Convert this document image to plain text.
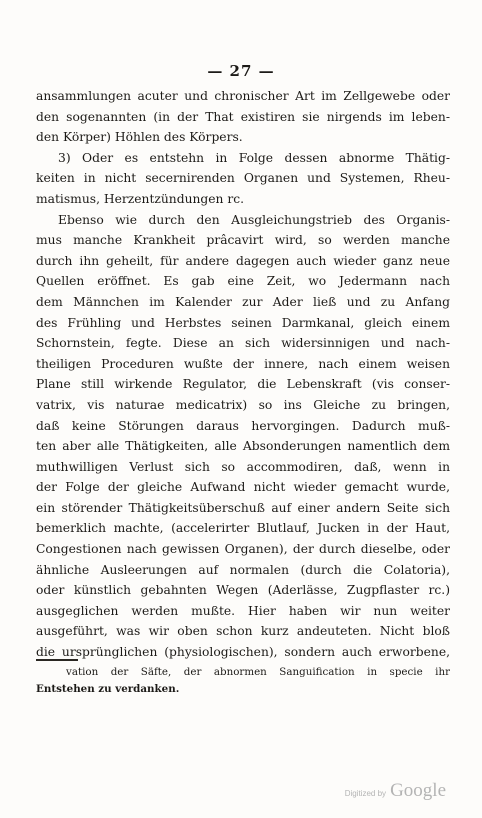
— 27 —
ansammlungen acuter und chronischer Art im Zellgewebe oder
den sogenannten (in der That existiren sie nirgends im leben-
den Körper) Höhlen des Körpers.
3) Oder es entstehn in Folge dessen abnorme Thätig-
keiten in nicht secernirenden Organen und Systemen, Rheu-
matismus, Herzentzündungen rc.
Ebenso wie durch den Ausgleichungstrieb des Organis-
mus manche Krankheit prâcavirt wird, so werden manche
durch ihn geheilt, für andere dagegen auch wieder ganz neue
Quellen eröffnet. Es gab eine Zeit, wo Jedermann nach
dem Männchen im Kalender zur Ader ließ und zu Anfang
des Frühling und Herbstes seinen Darmkanal, gleich einem
Schornstein, fegte. Diese an sich widersinnigen und nach-
theiligen Proceduren wußte der innere, nach einem weisen
Plane still wirkende Regulator, die Lebenskraft (vis conser-
vatrix, vis naturae medicatrix) so ins Gleiche zu bringen,
daß keine Störungen daraus hervorgingen. Dadurch muß-
ten aber alle Thätigkeiten, alle Absonderungen namentlich dem
muthwilligen Verlust sich so accommodiren, daß, wenn in
der Folge der gleiche Aufwand nicht wieder gemacht wurde,
ein störender Thätigkeitsüberschuß auf einer andern Seite sich
bemerklich machte, (accelerirter Blutlauf, Jucken in der Haut,
Congestionen nach gewissen Organen), der durch dieselbe, oder
ähnliche Ausleerungen auf normalen (durch die Colatoria),
oder künstlich gebahnten Wegen (Aderlässe, Zugpflaster rc.)
ausgeglichen werden mußte. Hier haben wir nun weiter
ausgeführt, was wir oben schon kurz andeuteten. Nicht bloß
die ursprünglichen (physiologischen), sondern auch erworbene,
vation der Säfte, der abnormen Sanguification in specie ihr
Entstehen zu verdanken.
Digitized by Google
